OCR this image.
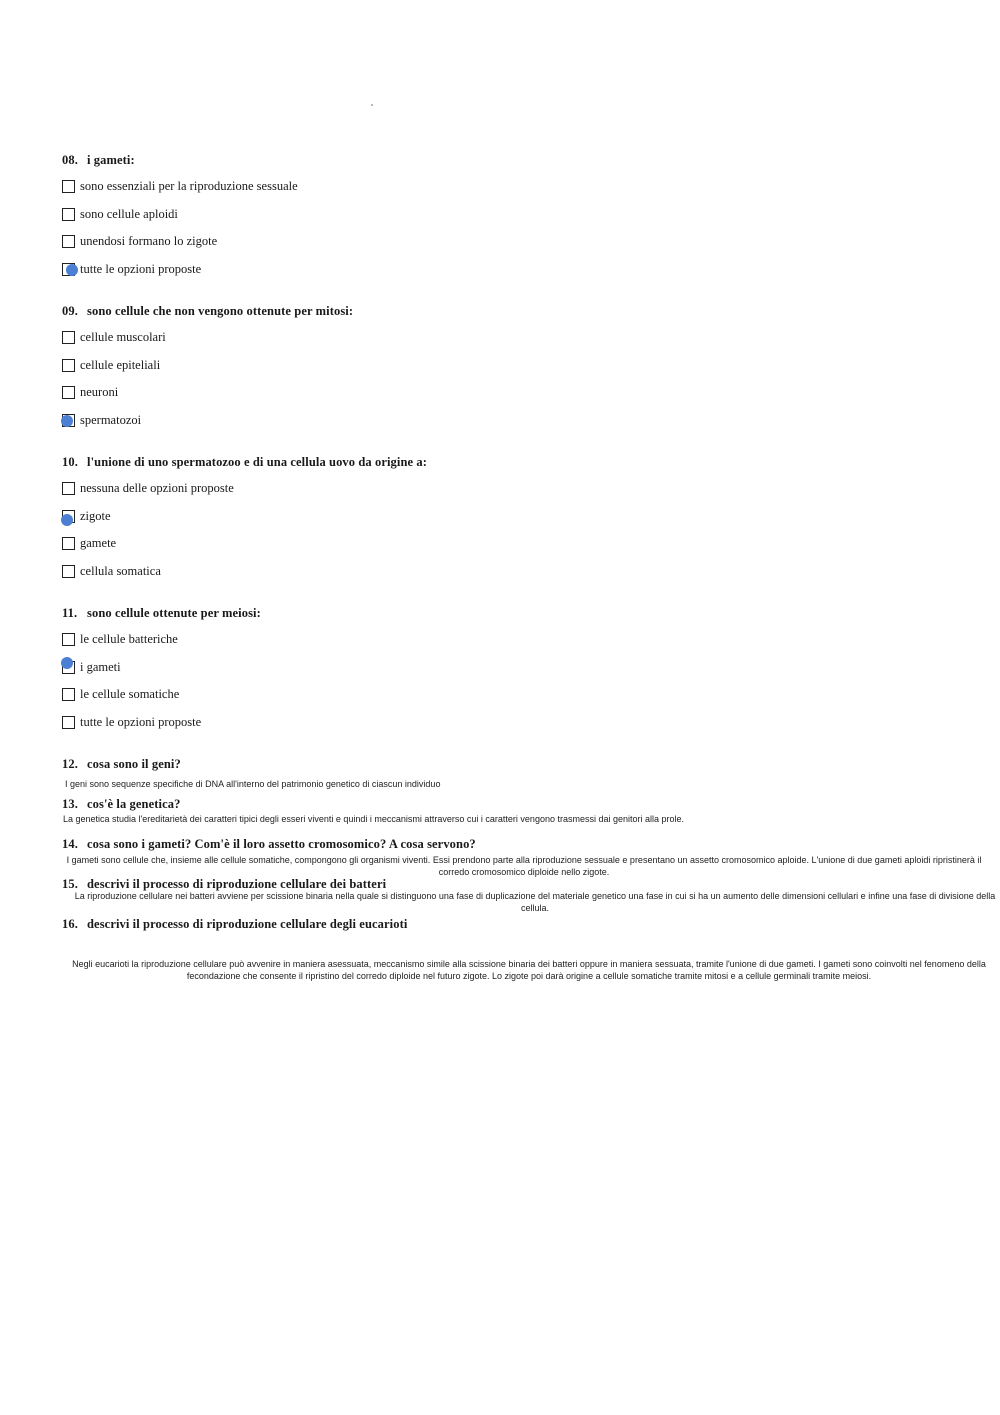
08. i gameti:
sono essenziali per la riproduzione sessuale
sono cellule aploidi
unendosi formano lo zigote
tutte le opzioni proposte
09. sono cellule che non vengono ottenute per mitosi:
cellule muscolari
cellule epiteliali
neuroni
spermatozoi
10. l'unione di uno spermatozoo e di una cellula uovo da origine a:
nessuna delle opzioni proposte
zigote
gamete
cellula somatica
11. sono cellule ottenute per meiosi:
le cellule batteriche
i gameti
le cellule somatiche
tutte le opzioni proposte
12. cosa sono il geni?
I geni sono sequenze specifiche di DNA all'interno del patrimonio genetico di ciascun individuo
13. cos'è la genetica?
La genetica studia l'ereditarietà dei caratteri tipici degli esseri viventi e quindi i meccanismi attraverso cui i caratteri vengono trasmessi dai genitori alla prole.
14. cosa sono i gameti? Com'è il loro assetto cromosomico? A cosa servono?
I gameti sono cellule che, insieme alle cellule somatiche, compongono gli organismi viventi. Essi prendono parte alla riproduzione sessuale e presentano un assetto cromosomico aploide. L'unione di due gameti aploidi ripristinerà il corredo cromosomico diploide nello zigote.
15. descrivi il processo di riproduzione cellulare dei batteri
La riproduzione cellulare nei batteri avviene per scissione binaria nella quale si distinguono una fase di duplicazione del materiale genetico una fase in cui si ha un aumento delle dimensioni cellulari e infine una fase di divisione della cellula.
16. descrivi il processo di riproduzione cellulare degli eucarioti
Negli eucarioti la riproduzione cellulare può avvenire in maniera asessuata, meccanismo simile alla scissione binaria dei batteri oppure in maniera sessuata, tramite l'unione di due gameti. I gameti sono coinvolti nel fenomeno della fecondazione che consente il ripristino del corredo diploide nel futuro zigote. Lo zigote poi darà origine a cellule somatiche tramite mitosi e a cellule germinali tramite meiosi.
